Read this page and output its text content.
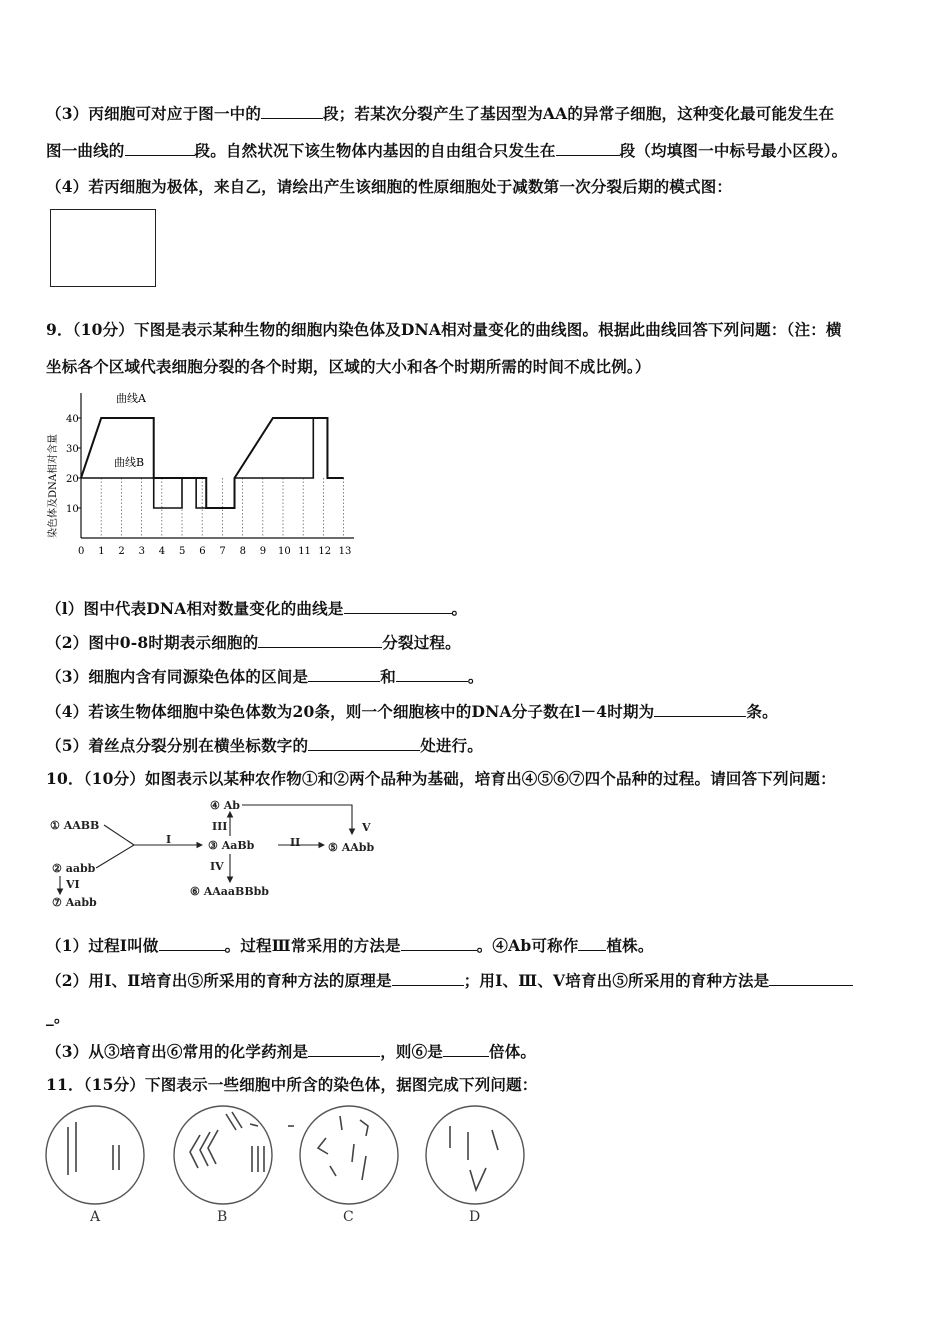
（3）丙细胞可对应于图一中的	段；若某次分裂产生了基因型为AA的异常子细胞，这种变化最可能发生在
图一曲线的	段。自然状况下该生物体内基因的自由组合只发生在	段（均填图一中标号最小区段）。
（4）若丙细胞为极体，来自乙，请绘出产生该细胞的性原细胞处于减数第一次分裂后期的模式图：
9．（10分）下图是表示某种生物的细胞内染色体及DNA相对量变化的曲线图。根据此曲线回答下列问题：（注：横
坐标各个区域代表细胞分裂的各个时期，区域的大小和各个时期所需的时间不成比例。）
10
20
30
40
0 1 2 3 4 5 6 7 8 9 10 11 12 13
曲线A
曲线B
染色体及DNA相对含量
（l）图中代表DNA相对数量变化的曲线是	。
（2）图中0-8时期表示细胞的	分裂过程。
（3）细胞内含有同源染色体的区间是	和	。
（4）若该生物体细胞中染色体数为20条，则一个细胞核中的DNA分子数在l－4时期为	条。
（5）着丝点分裂分别在横坐标数字的	处进行。
10．（10分）如图表示以某种农作物①和②两个品种为基础，培育出④⑤⑥⑦四个品种的过程。请回答下列问题：
① AABB
② aabb
④ Ab
③ AaBb	⑤ AAbb
⑥ AAaaBBbb
⑦ Aabb
I	II
III
IV
V
VI
（1）过程I叫做	。过程Ⅲ常采用的方法是	。④Ab可称作 植株。
（2）用I、Ⅱ培育出⑤所采用的育种方法的原理是	；用Ⅰ、Ⅲ、Ⅴ培育出⑤所采用的育种方法是
_。
（3）从③培育出⑥常用的化学药剂是	，则⑥是	倍体。
11．（15分）下图表示一些细胞中所含的染色体，据图完成下列问题：
A	B	C	D
